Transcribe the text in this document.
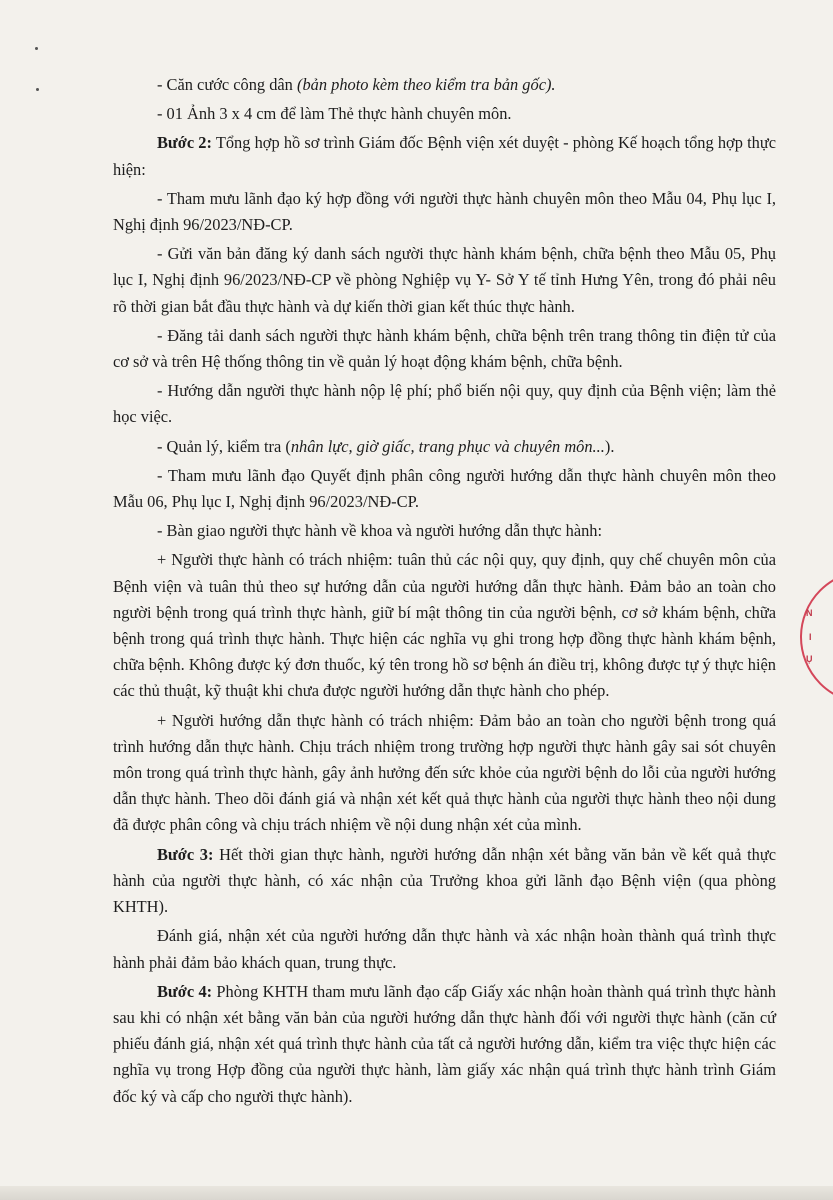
- Căn cước công dân (bản photo kèm theo kiểm tra bản gốc).

- 01 Ảnh 3 x 4 cm để làm Thẻ thực hành chuyên môn.

Bước 2: Tổng hợp hồ sơ trình Giám đốc Bệnh viện xét duyệt - phòng Kế hoạch tổng hợp thực hiện:

- Tham mưu lãnh đạo ký hợp đồng với người thực hành chuyên môn theo Mẫu 04, Phụ lục I, Nghị định 96/2023/NĐ-CP.

- Gửi văn bản đăng ký danh sách người thực hành khám bệnh, chữa bệnh theo Mẫu 05, Phụ lục I, Nghị định 96/2023/NĐ-CP về phòng Nghiệp vụ Y- Sở Y tế tỉnh Hưng Yên, trong đó phải nêu rõ thời gian bắt đầu thực hành và dự kiến thời gian kết thúc thực hành.

- Đăng tải danh sách người thực hành khám bệnh, chữa bệnh trên trang thông tin điện tử của cơ sở và trên Hệ thống thông tin về quản lý hoạt động khám bệnh, chữa bệnh.

- Hướng dẫn người thực hành nộp lệ phí; phổ biến nội quy, quy định của Bệnh viện; làm thẻ học việc.

- Quản lý, kiểm tra (nhân lực, giờ giấc, trang phục và chuyên môn...).

- Tham mưu lãnh đạo Quyết định phân công người hướng dẫn thực hành chuyên môn theo Mẫu 06, Phụ lục I, Nghị định 96/2023/NĐ-CP.

- Bàn giao người thực hành về khoa và người hướng dẫn thực hành:

+ Người thực hành có trách nhiệm: tuân thủ các nội quy, quy định, quy chế chuyên môn của Bệnh viện và tuân thủ theo sự hướng dẫn của người hướng dẫn thực hành. Đảm bảo an toàn cho người bệnh trong quá trình thực hành, giữ bí mật thông tin của người bệnh, cơ sở khám bệnh, chữa bệnh trong quá trình thực hành. Thực hiện các nghĩa vụ ghi trong hợp đồng thực hành khám bệnh, chữa bệnh. Không được ký đơn thuốc, ký tên trong hồ sơ bệnh án điều trị, không được tự ý thực hiện các thủ thuật, kỹ thuật khi chưa được người hướng dẫn thực hành cho phép.

+ Người hướng dẫn thực hành có trách nhiệm: Đảm bảo an toàn cho người bệnh trong quá trình hướng dẫn thực hành. Chịu trách nhiệm trong trường hợp người thực hành gây sai sót chuyên môn trong quá trình thực hành, gây ảnh hưởng đến sức khỏe của người bệnh do lỗi của người hướng dẫn thực hành. Theo dõi đánh giá và nhận xét kết quả thực hành của người thực hành theo nội dung đã được phân công và chịu trách nhiệm về nội dung nhận xét của mình.

Bước 3: Hết thời gian thực hành, người hướng dẫn nhận xét bằng văn bản về kết quả thực hành của người thực hành, có xác nhận của Trưởng khoa gửi lãnh đạo Bệnh viện (qua phòng KHTH).

Đánh giá, nhận xét của người hướng dẫn thực hành và xác nhận hoàn thành quá trình thực hành phải đảm bảo khách quan, trung thực.

Bước 4: Phòng KHTH tham mưu lãnh đạo cấp Giấy xác nhận hoàn thành quá trình thực hành sau khi có nhận xét bằng văn bản của người hướng dẫn thực hành đối với người thực hành (căn cứ phiếu đánh giá, nhận xét quá trình thực hành của tất cả người hướng dẫn, kiểm tra việc thực hiện các nghĩa vụ trong Hợp đồng của người thực hành, làm giấy xác nhận quá trình thực hành trình Giám đốc ký và cấp cho người thực hành).

N
I
Ụ
